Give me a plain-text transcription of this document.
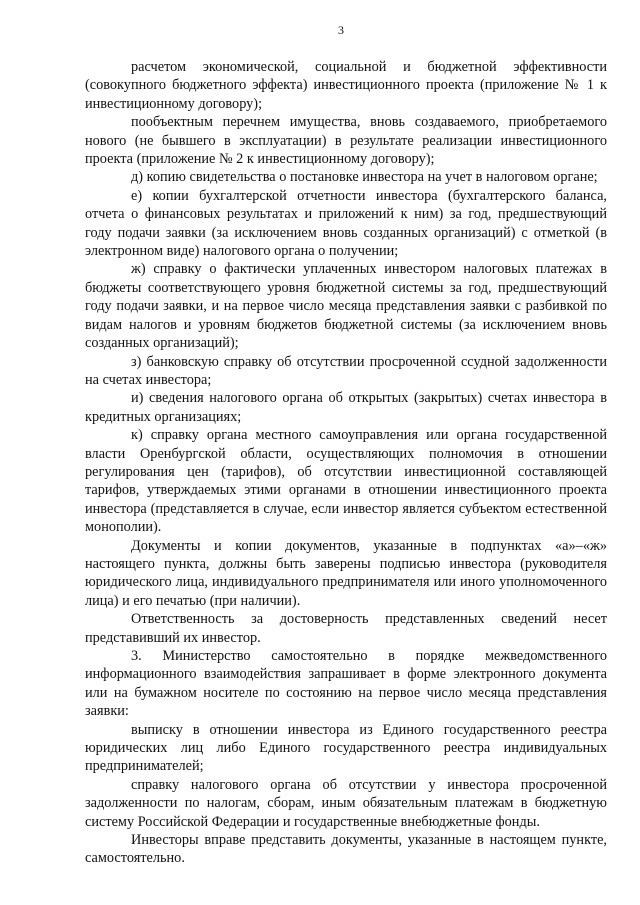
3

расчетом экономической, социальной и бюджетной эффективности (совокупного бюджетного эффекта) инвестиционного проекта (приложение № 1 к инвестиционному договору);

пообъектным перечнем имущества, вновь создаваемого, приобретаемого нового (не бывшего в эксплуатации) в результате реализации инвестиционного проекта (приложение № 2 к инвестиционному договору);

д) копию свидетельства о постановке инвестора на учет в налоговом органе;

е) копии бухгалтерской отчетности инвестора (бухгалтерского баланса, отчета о финансовых результатах и приложений к ним) за год, предшествующий году подачи заявки (за исключением вновь созданных организаций) с отметкой (в электронном виде) налогового органа о получении;

ж) справку о фактически уплаченных инвестором налоговых платежах в бюджеты соответствующего уровня бюджетной системы за год, предшествующий году подачи заявки, и на первое число месяца представления заявки с разбивкой по видам налогов и уровням бюджетов бюджетной системы (за исключением вновь созданных организаций);

з) банковскую справку об отсутствии просроченной ссудной задолженности на счетах инвестора;

и) сведения налогового органа об открытых (закрытых) счетах инвестора в кредитных организациях;

к) справку органа местного самоуправления или органа государственной власти Оренбургской области, осуществляющих полномочия в отношении регулирования цен (тарифов), об отсутствии инвестиционной составляющей тарифов, утверждаемых этими органами в отношении инвестиционного проекта инвестора (представляется в случае, если инвестор является субъектом естественной монополии).

Документы и копии документов, указанные в подпунктах «а»–«ж» настоящего пункта, должны быть заверены подписью инвестора (руководителя юридического лица, индивидуального предпринимателя или иного уполномоченного лица) и его печатью (при наличии).

Ответственность за достоверность представленных сведений несет представивший их инвестор.

3. Министерство самостоятельно в порядке межведомственного информационного взаимодействия запрашивает в форме электронного документа или на бумажном носителе по состоянию на первое число месяца представления заявки:

выписку в отношении инвестора из Единого государственного реестра юридических лиц либо Единого государственного реестра индивидуальных предпринимателей;

справку налогового органа об отсутствии у инвестора просроченной задолженности по налогам, сборам, иным обязательным платежам в бюджетную систему Российской Федерации и государственные внебюджетные фонды.

Инвесторы вправе представить документы, указанные в настоящем пункте, самостоятельно.
